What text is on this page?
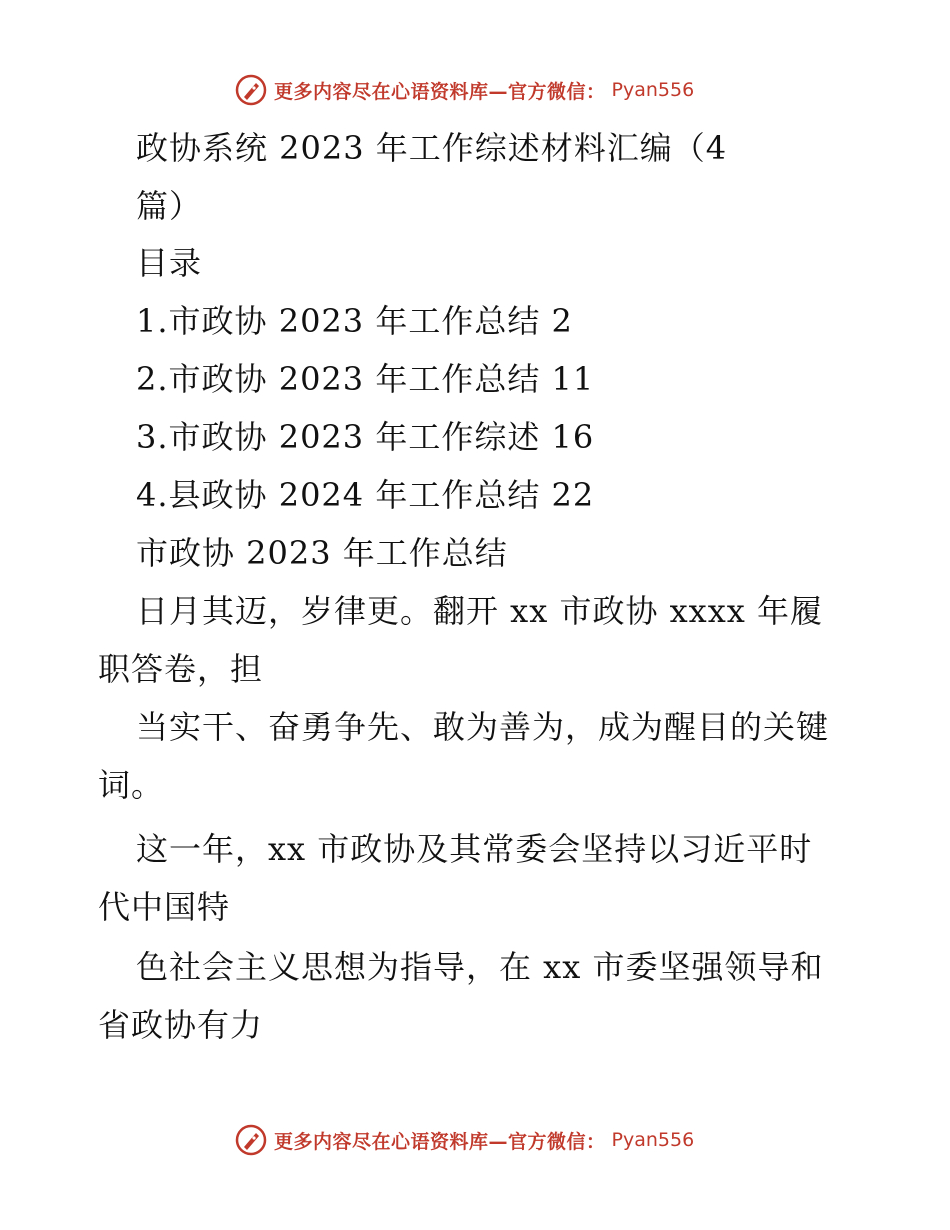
更多内容尽在心语资料库—官方微信： Pyan556
政协系统 2023 年工作综述材料汇编（4
篇）
目录
1.市政协 2023 年工作总结 2
2.市政协 2023 年工作总结 11
3.市政协 2023 年工作综述 16
4.县政协 2024 年工作总结 22
市政协 2023 年工作总结
日月其迈，岁律更。翻开 xx 市政协 xxxx 年履
职答卷，担
当实干、奋勇争先、敢为善为，成为醒目的关键
词。
这一年，xx 市政协及其常委会坚持以习近平时
代中国特
色社会主义思想为指导，在 xx 市委坚强领导和
省政协有力
更多内容尽在心语资料库—官方微信： Pyan556
